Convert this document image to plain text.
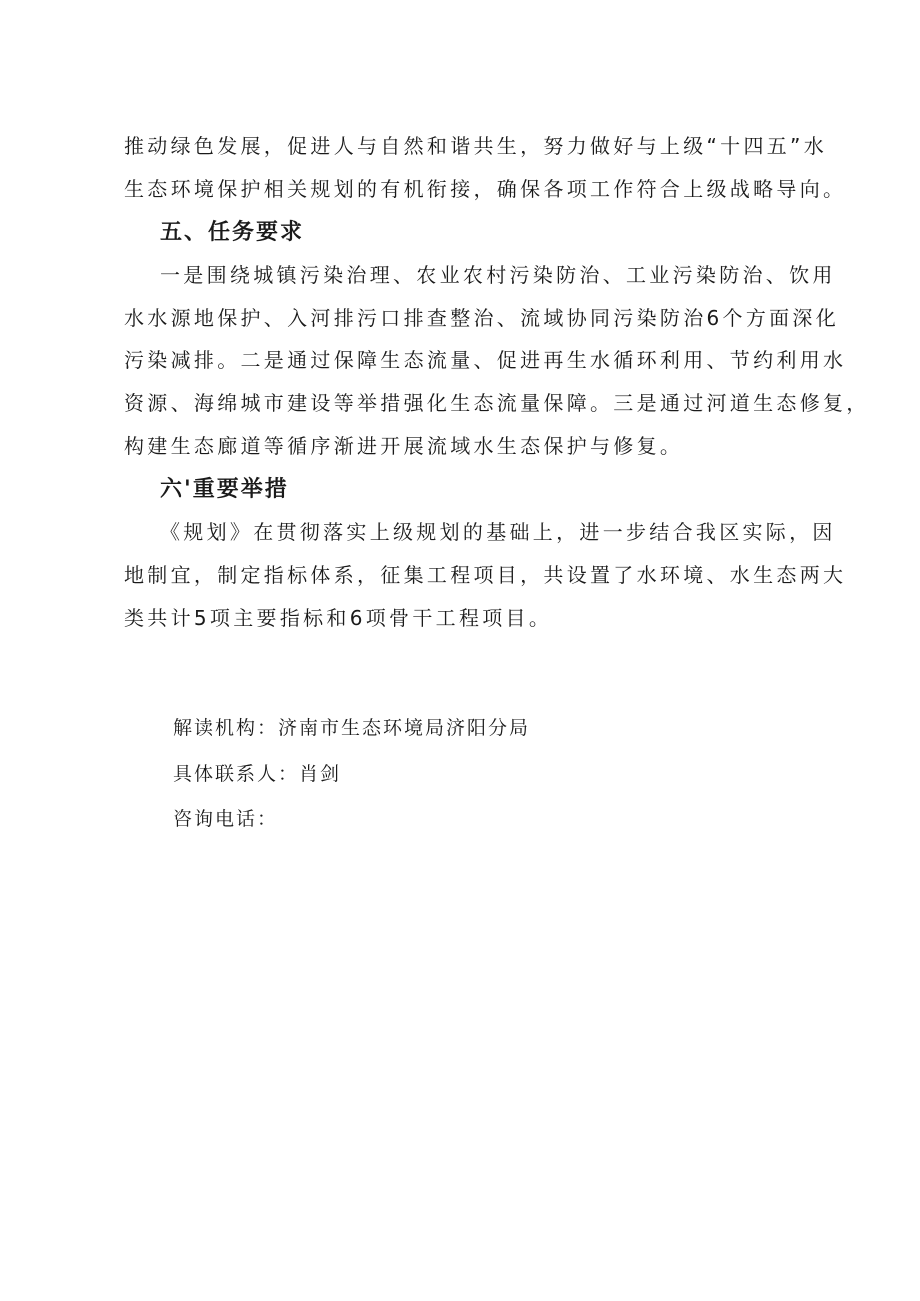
推动绿色发展，促进人与自然和谐共生，努力做好与上级“十四五”水
生态环境保护相关规划的有机衔接，确保各项工作符合上级战略导向。
五、任务要求
一是围绕城镇污染治理、农业农村污染防治、工业污染防治、饮用
水水源地保护、入河排污口排查整治、流域协同污染防治6个方面深化
污染减排。二是通过保障生态流量、促进再生水循环利用、节约利用水
资源、海绵城市建设等举措强化生态流量保障。三是通过河道生态修复，
构建生态廊道等循序渐进开展流域水生态保护与修复。
六'重要举措
《规划》在贯彻落实上级规划的基础上，进一步结合我区实际，因
地制宜，制定指标体系，征集工程项目，共设置了水环境、水生态两大
类共计5项主要指标和6项骨干工程项目。
解读机构：济南市生态环境局济阳分局
具体联系人：肖剑
咨询电话：
